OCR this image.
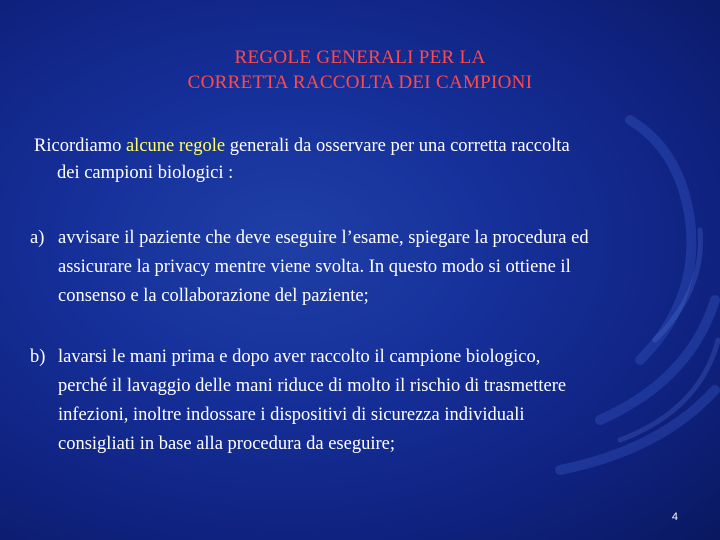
REGOLE GENERALI PER LA
CORRETTA RACCOLTA DEI CAMPIONI
Ricordiamo alcune regole generali da osservare per una corretta raccolta
dei campioni biologici :
a) avvisare il paziente che deve eseguire l’esame, spiegare la procedura ed
assicurare la privacy mentre viene svolta. In questo modo si ottiene il
consenso e la collaborazione del paziente;
b) lavarsi le mani prima e dopo aver raccolto il campione biologico,
perché il lavaggio delle mani riduce di molto il rischio di trasmettere
infezioni, inoltre indossare i dispositivi di sicurezza individuali
consigliati in base alla procedura da eseguire;
4
